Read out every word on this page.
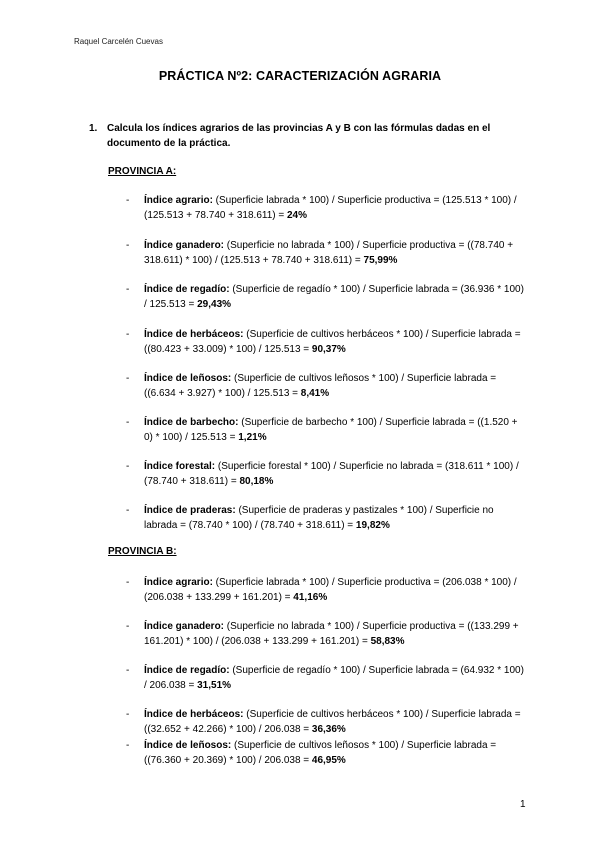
Raquel Carcelén Cuevas
PRÁCTICA Nº2: CARACTERIZACIÓN AGRARIA
1. Calcula los índices agrarios de las provincias A y B con las fórmulas dadas en el documento de la práctica.
PROVINCIA A:
- Índice agrario: (Superficie labrada * 100) / Superficie productiva = (125.513 * 100) / (125.513 + 78.740 + 318.611) = 24%
- Índice ganadero: (Superficie no labrada * 100) / Superficie productiva = ((78.740 + 318.611) * 100) / (125.513 + 78.740 + 318.611) = 75,99%
- Índice de regadío: (Superficie de regadío * 100) / Superficie labrada = (36.936 * 100) / 125.513 = 29,43%
- Índice de herbáceos: (Superficie de cultivos herbáceos * 100) / Superficie labrada = ((80.423 + 33.009) * 100) / 125.513 = 90,37%
- Índice de leñosos: (Superficie de cultivos leñosos * 100) / Superficie labrada = ((6.634 + 3.927) * 100) / 125.513 = 8,41%
- Índice de barbecho: (Superficie de barbecho * 100) / Superficie labrada = ((1.520 + 0) * 100) / 125.513 = 1,21%
- Índice forestal: (Superficie forestal * 100) / Superficie no labrada = (318.611 * 100) / (78.740 + 318.611) = 80,18%
- Índice de praderas: (Superficie de praderas y pastizales * 100) / Superficie no labrada = (78.740 * 100) / (78.740 + 318.611) = 19,82%
PROVINCIA B:
- Índice agrario: (Superficie labrada * 100) / Superficie productiva = (206.038 * 100) / (206.038 + 133.299 + 161.201) = 41,16%
- Índice ganadero: (Superficie no labrada * 100) / Superficie productiva = ((133.299 + 161.201) * 100) / (206.038 + 133.299 + 161.201) = 58,83%
- Índice de regadío: (Superficie de regadío * 100) / Superficie labrada = (64.932 * 100) / 206.038 = 31,51%
- Índice de herbáceos: (Superficie de cultivos herbáceos * 100) / Superficie labrada = ((32.652 + 42.266) * 100) / 206.038 = 36,36%
- Índice de leñosos: (Superficie de cultivos leñosos * 100) / Superficie labrada = ((76.360 + 20.369) * 100) / 206.038 = 46,95%
1
